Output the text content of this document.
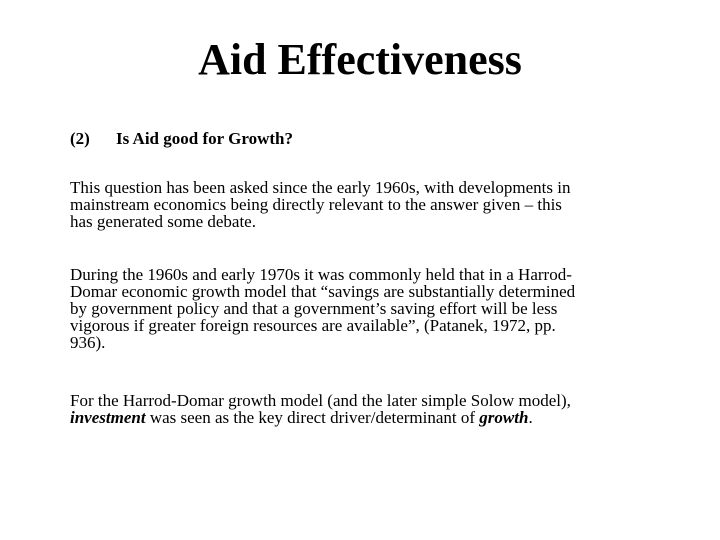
Aid Effectiveness
(2) Is Aid good for Growth?

This question has been asked since the early 1960s, with developments in
mainstream economics being directly relevant to the answer given – this
has generated some debate.

During the 1960s and early 1970s it was commonly held that in a Harrod-
Domar economic growth model that “savings are substantially determined
by government policy and that a government’s saving effort will be less
vigorous if greater foreign resources are available”, (Patanek, 1972, pp.
936).

For the Harrod-Domar growth model (and the later simple Solow model),
investment was seen as the key direct driver/determinant of growth.
